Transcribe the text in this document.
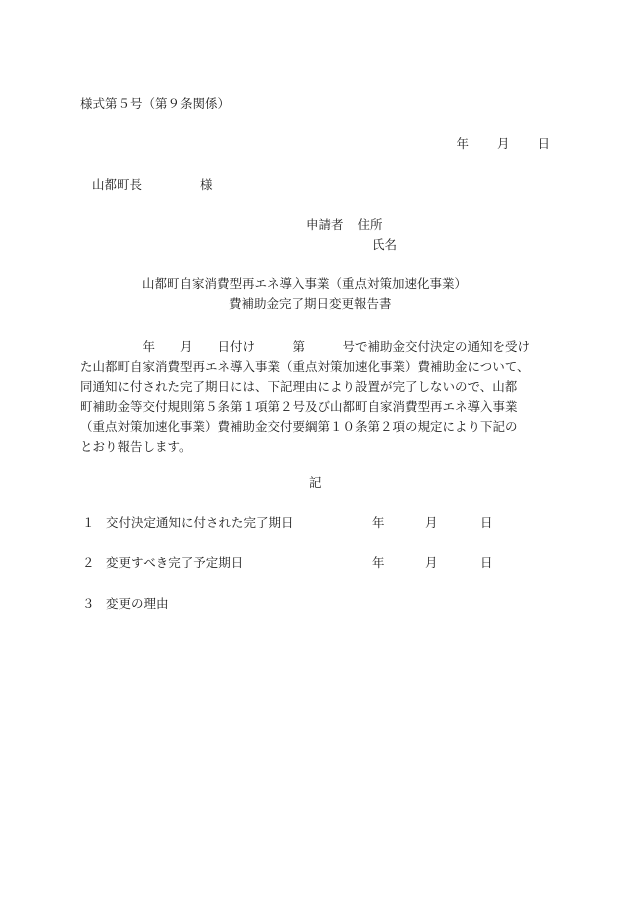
様式第５号（第９条関係）
年 月 日
山都町長	様
申請者 住所
氏名
山都町自家消費型再エネ導入事業（重点対策加速化事業）
費補助金完了期日変更報告書
　　　　　年　　月　　日付け　　　第　　　号で補助金交付決定の通知を受け
た山都町自家消費型再エネ導入事業（重点対策加速化事業）費補助金について、
同通知に付された完了期日には、下記理由により設置が完了しないので、山都
町補助金等交付規則第５条第１項第２号及び山都町自家消費型再エネ導入事業
（重点対策加速化事業）費補助金交付要綱第１０条第２項の規定により下記の
とおり報告します。
記
１ 交付決定通知に付された完了期日	年	月	日
２ 変更すべき完了予定期日	年	月	日
３ 変更の理由
